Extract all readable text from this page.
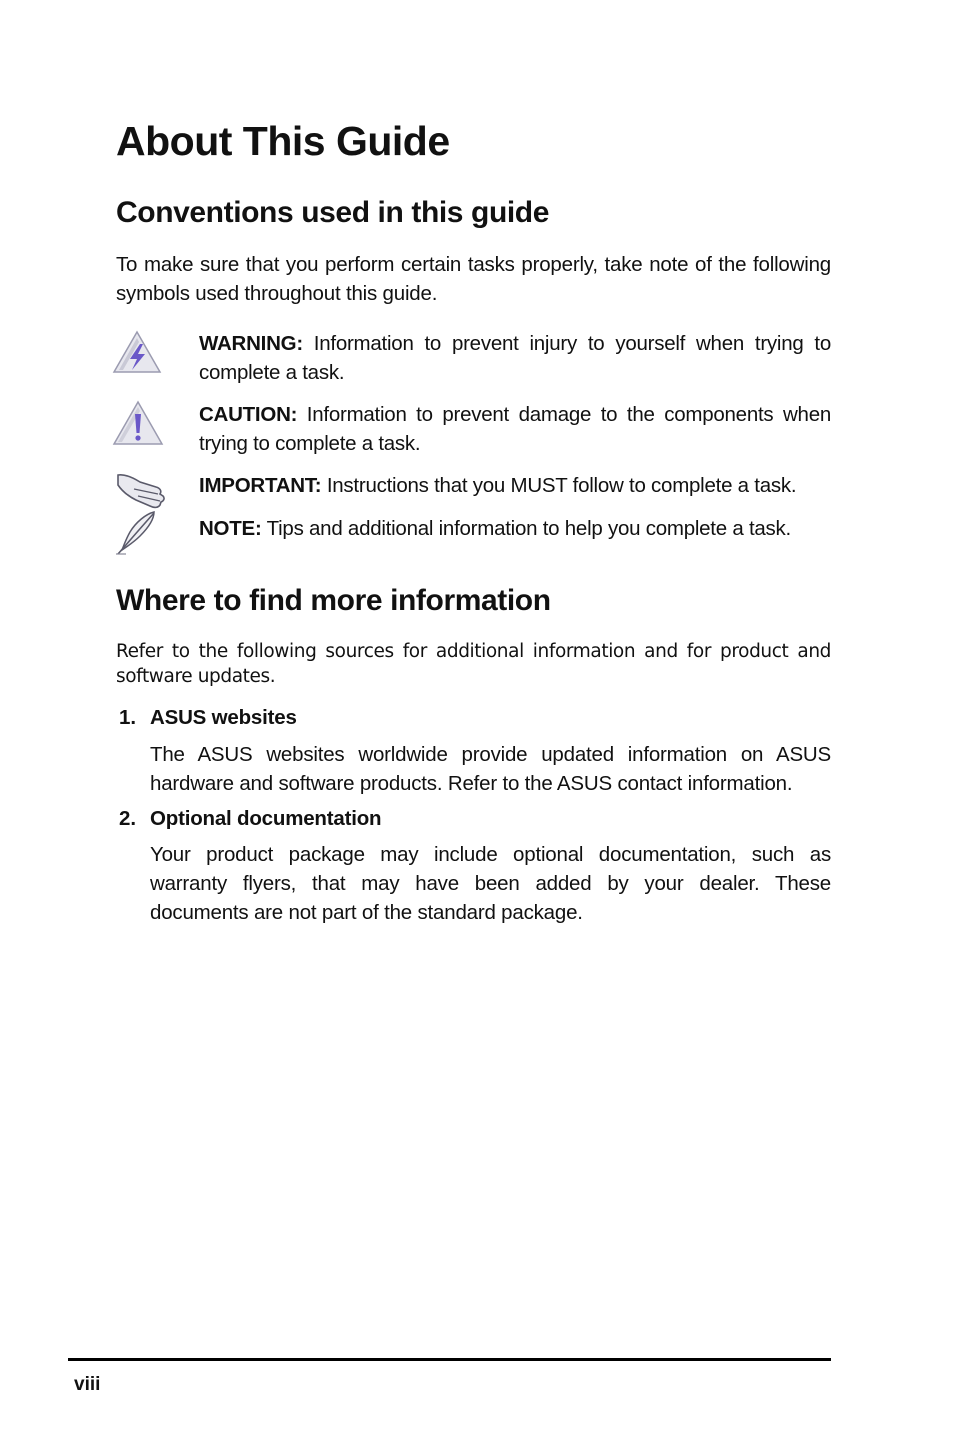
About This Guide
Conventions used in this guide

To make sure that you perform certain tasks properly, take note of the following symbols used throughout this guide.

WARNING: Information to prevent injury to yourself when trying to complete a task.

CAUTION: Information to prevent damage to the components when trying to complete a task.

IMPORTANT: Instructions that you MUST follow to complete a task.

NOTE: Tips and additional information to help you complete a task.

Where to find more information

Refer to the following sources for additional information and for product and software updates.

1. ASUS websites

The ASUS websites worldwide provide updated information on ASUS hardware and software products. Refer to the ASUS contact information.

2. Optional documentation

Your product package may include optional documentation, such as warranty flyers, that may have been added by your dealer. These documents are not part of the standard package.

viii
